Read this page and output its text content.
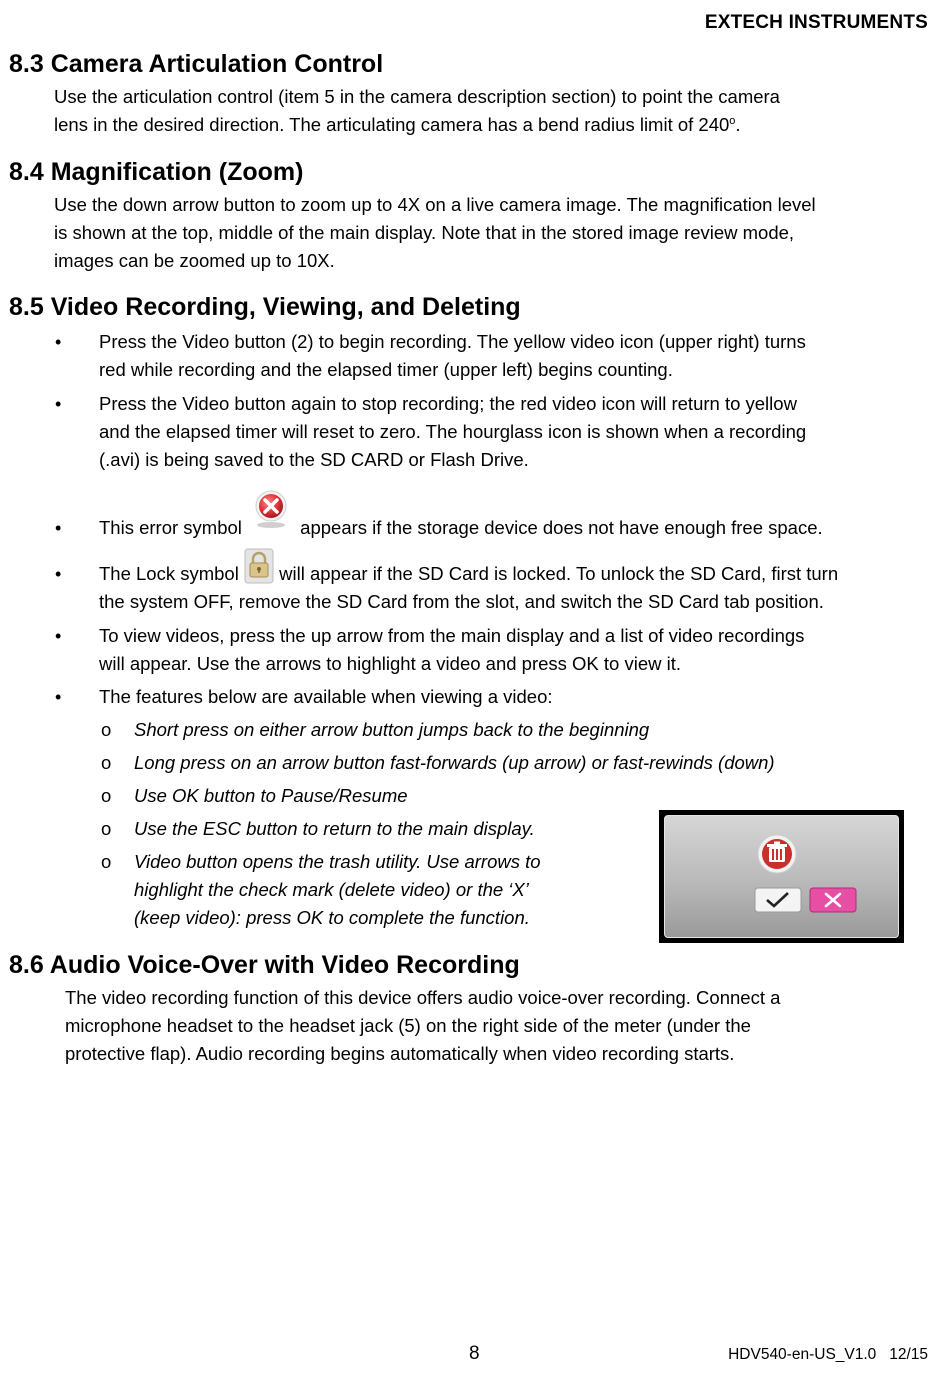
EXTECH INSTRUMENTS
8.3 Camera Articulation Control
Use the articulation control (item 5 in the camera description section) to point the camera
lens in the desired direction. The articulating camera has a bend radius limit of 240$^o$.
8.4 Magnification (Zoom)
Use the down arrow button to zoom up to 4X on a live camera image. The magnification level
is shown at the top, middle of the main display. Note that in the stored image review mode,
images can be zoomed up to 10X.
8.5 Video Recording, Viewing, and Deleting
•	Press the Video button (2) to begin recording. The yellow video icon (upper right) turns
red while recording and the elapsed timer (upper left) begins counting.
•	Press the Video button again to stop recording; the red video icon will return to yellow
and the elapsed timer will reset to zero. The hourglass icon is shown when a recording
(.avi) is being saved to the SD CARD or Flash Drive.
•	This error symbol	appears if the storage device does not have enough free space.
•	The Lock symbol will appear if the SD Card is locked. To unlock the SD Card, first turn
the system OFF, remove the SD Card from the slot, and switch the SD Card tab position.
•	To view videos, press the up arrow from the main display and a list of video recordings
will appear. Use the arrows to highlight a video and press OK to view it.
•	The features below are available when viewing a video:
o Short press on either arrow button jumps back to the beginning
o Long press on an arrow button fast-forwards (up arrow) or fast-rewinds (down)
o Use OK button to Pause/Resume
o Use the ESC button to return to the main display.
o Video button opens the trash utility. Use arrows to
highlight the check mark (delete video) or the ‘X’
(keep video): press OK to complete the function.
8.6 Audio Voice-Over with Video Recording
The video recording function of this device offers audio voice-over recording. Connect a
microphone headset to the headset jack (5) on the right side of the meter (under the
protective flap). Audio recording begins automatically when video recording starts.
8	HDV540-en-US_V1.0   12/15
